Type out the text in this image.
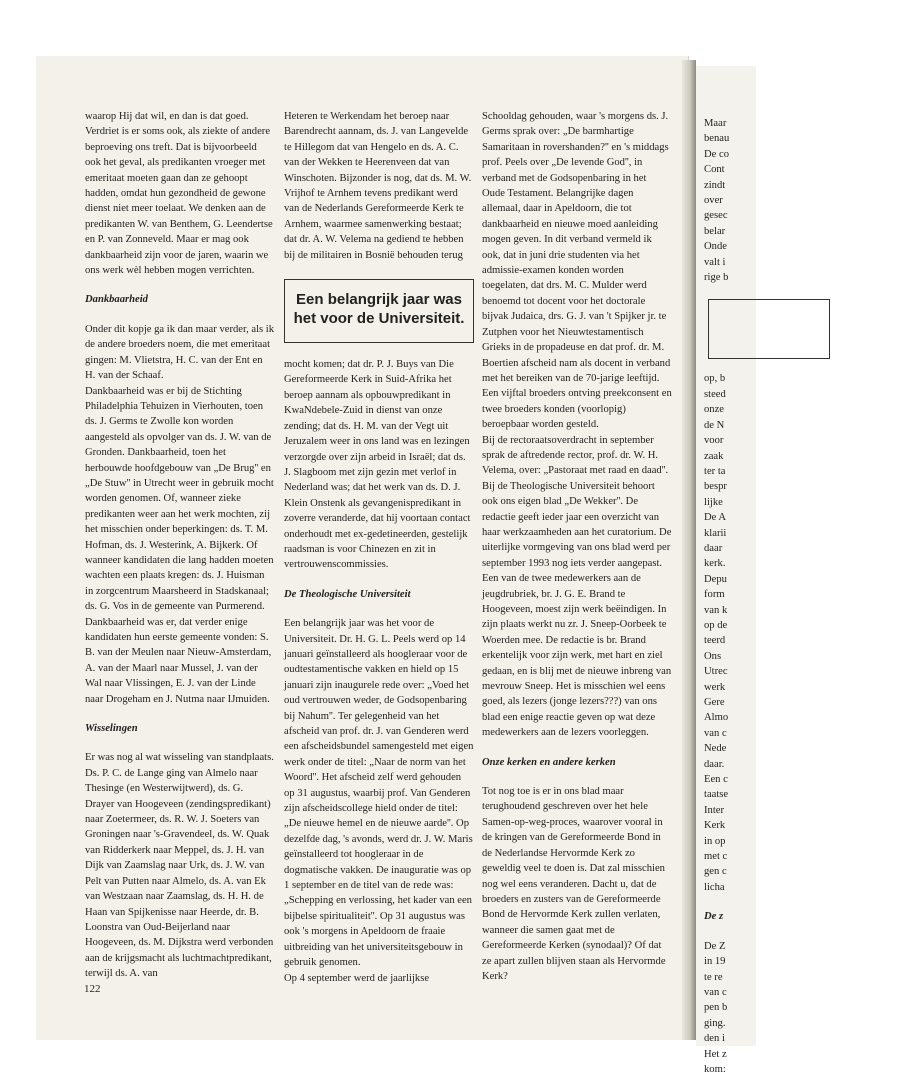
waarop Hij dat wil, en dan is dat goed. Verdriet is er soms ook, als ziekte of andere beproeving ons treft. Dat is bijvoorbeeld ook het geval, als predikanten vroeger met emeritaat moeten gaan dan ze gehoopt hadden, omdat hun gezondheid de gewone dienst niet meer toelaat. We denken aan de predikanten W. van Benthem, G. Leendertse en P. van Zonneveld. Maar er mag ook dankbaarheid zijn voor de jaren, waarin we ons werk wèl hebben mogen verrichten.

Dankbaarheid

Onder dit kopje ga ik dan maar verder, als ik de andere broeders noem, die met emeritaat gingen: M. Vlietstra, H. C. van der Ent en H. van der Schaaf.

Dankbaarheid was er bij de Stichting Philadelphia Tehuizen in Vierhouten, toen ds. J. Germs te Zwolle kon worden aangesteld als opvolger van ds. J. W. van de Gronden. Dankbaarheid, toen het herbouwde hoofdgebouw van „De Brug'' en „De Stuw'' in Utrecht weer in gebruik mocht worden genomen. Of, wanneer zieke predikanten weer aan het werk mochten, zij het misschien onder beperkingen: ds. T. M. Hofman, ds. J. Westerink, A. Bijkerk. Of wanneer kandidaten die lang hadden moeten wachten een plaats kregen: ds. J. Huisman in zorgcentrum Maarsheerd in Stadskanaal; ds. G. Vos in de gemeente van Purmerend.

Dankbaarheid was er, dat verder enige kandidaten hun eerste gemeente vonden: S. B. van der Meulen naar Nieuw-Amsterdam, A. van der Maarl naar Mussel, J. van der Wal naar Vlissingen, E. J. van der Linde naar Drogeham en J. Nutma naar IJmuiden.

Wisselingen

Er was nog al wat wisseling van standplaats.

Ds. P. C. de Lange ging van Almelo naar Thesinge (en Westerwijtwerd), ds. G. Drayer van Hoogeveen (zendingspredikant) naar Zoetermeer, ds. R. W. J. Soeters van Groningen naar 's-Gravendeel, ds. W. Quak van Ridderkerk naar Meppel, ds. J. H. van Dijk van Zaamslag naar Urk, ds. J. W. van Pelt van Putten naar Almelo, ds. A. van Ek van Westzaan naar Zaamslag, ds. H. H. de Haan van Spijkenisse naar Heerde, dr. B. Loonstra van Oud-Beijerland naar Hoogeveen, ds. M. Dijkstra werd verbonden aan de krijgsmacht als luchtmachtpredikant, terwijl ds. A. van

Heteren te Werkendam het beroep naar Barendrecht aannam, ds. J. van Langevelde te Hillegom dat van Hengelo en ds. A. C. van der Wekken te Heerenveen dat van Winschoten. Bijzonder is nog, dat ds. M. W. Vrijhof te Arnhem tevens predikant werd van de Nederlands Gereformeerde Kerk te Arnhem, waarmee samenwerking bestaat; dat dr. A. W. Velema na gediend te hebben bij de militairen in Bosnië behouden terug

Een belangrijk jaar was het voor de Universiteit.

mocht komen; dat dr. P. J. Buys van Die Gereformeerde Kerk in Suid-Afrika het beroep aannam als opbouwpredikant in KwaNdebele-Zuid in dienst van onze zending; dat ds. H. M. van der Vegt uit Jeruzalem weer in ons land was en lezingen verzorgde over zijn arbeid in Israël; dat ds. J. Slagboom met zijn gezin met verlof in Nederland was; dat het werk van ds. D. J. Klein Onstenk als gevangenispredikant in zoverre veranderde, dat hij voortaan contact onderhoudt met ex-gedetineerden, gestelijk raadsman is voor Chinezen en zit in vertrouwenscommissies.

De Theologische Universiteit

Een belangrijk jaar was het voor de Universiteit. Dr. H. G. L. Peels werd op 14 januari geïnstalleerd als hoogleraar voor de oudtestamentische vakken en hield op 15 januari zijn inaugurele rede over: „Voed het oud vertrouwen weder, de Godsopenbaring bij Nahum''. Ter gelegenheid van het afscheid van prof. dr. J. van Genderen werd een afscheidsbundel samengesteld met eigen werk onder de titel: „Naar de norm van het Woord''. Het afscheid zelf werd gehouden op 31 augustus, waarbij prof. Van Genderen zijn afscheidscollege hield onder de titel: „De nieuwe hemel en de nieuwe aarde''. Op dezelfde dag, 's avonds, werd dr. J. W. Maris geïnstalleerd tot hoogleraar in de dogmatische vakken. De inauguratie was op 1 september en de titel van de rede was: „Schepping en verlossing, het kader van een bijbelse spiritualiteit''. Op 31 augustus was ook 's morgens in Apeldoorn de fraaie uitbreiding van het universiteitsgebouw in gebruik genomen.

Op 4 september werd de jaarlijkse

Schooldag gehouden, waar 's morgens ds. J. Germs sprak over: „De barmhartige Samaritaan in rovershanden?'' en 's middags prof. Peels over „De levende God'', in verband met de Godsopenbaring in het Oude Testament. Belangrijke dagen allemaal, daar in Apeldoorn, die tot dankbaarheid en nieuwe moed aanleiding mogen geven. In dit verband vermeld ik ook, dat in juni drie studenten via het admissie-examen konden worden toegelaten, dat drs. M. C. Mulder werd benoemd tot docent voor het doctorale bijvak Judaica, drs. G. J. van 't Spijker jr. te Zutphen voor het Nieuwtestamentisch Grieks in de propadeuse en dat prof. dr. M. Boertien afscheid nam als docent in verband met het bereiken van de 70-jarige leeftijd. Een vijftal broeders ontving preekconsent en twee broeders konden (voorlopig) beroepbaar worden gesteld.

Bij de rectoraatsoverdracht in september sprak de aftredende rector, prof. dr. W. H. Velema, over: „Pastoraat met raad en daad''.

Bij de Theologische Universiteit behoort ook ons eigen blad „De Wekker''. De redactie geeft ieder jaar een overzicht van haar werkzaamheden aan het curatorium. De uiterlijke vormgeving van ons blad werd per september 1993 nog iets verder aangepast. Een van de twee medewerkers aan de jeugdrubriek, br. J. G. E. Brand te Hoogeveen, moest zijn werk beëindigen. In zijn plaats werkt nu zr. J. Sneep-Oorbeek te Woerden mee. De redactie is br. Brand erkentelijk voor zijn werk, met hart en ziel gedaan, en is blij met de nieuwe inbreng van mevrouw Sneep. Het is misschien wel eens goed, als lezers (jonge lezers???) van ons blad een enige reactie geven op wat deze medewerkers aan de lezers voorleggen.

Onze kerken en andere kerken

Tot nog toe is er in ons blad maar terughoudend geschreven over het hele Samen-op-weg-proces, waarover vooral in de kringen van de Gereformeerde Bond in de Nederlandse Hervormde Kerk zo geweldig veel te doen is. Dat zal misschien nog wel eens veranderen. Dacht u, dat de broeders en zusters van de Gereformeerde Bond de Hervormde Kerk zullen verlaten, wanneer die samen gaat met de Gereformeerde Kerken (synodaal)? Of dat ze apart zullen blijven staan als Hervormde Kerk?

Maar

benau

De co

Cont

zindt

over

gesec

belar

Onde

valt i

rige b

op, b

steed

onze

de N

voor

zaak

ter ta

bespr

lijke

De A

klarii

daar

kerk.

Depu

form

van k

op de

teerd

Ons

Utrec

werk

Gere

Almo

van c

Nede

daar.

Een c

taatse

Inter

Kerk

in op

met c

gen c

licha

De z

De Z

in 19

te re

van c

pen b

ging.

den i

Het z

kom:

122
